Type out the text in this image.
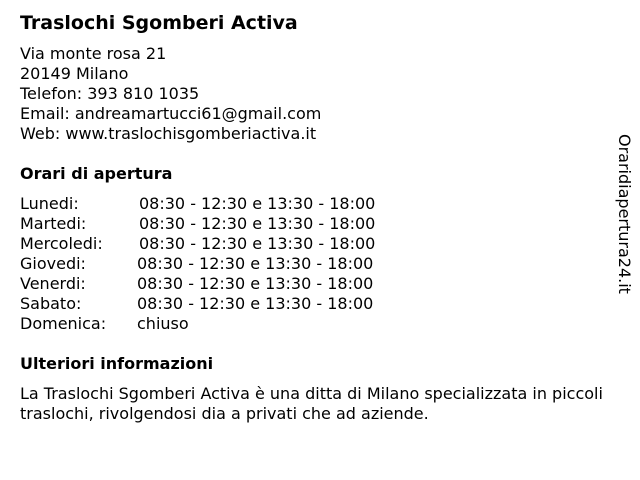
Traslochi Sgomberi Activa
Via monte rosa 21
20149 Milano
Telefon: 393 810 1035
Email: andreamartucci61@gmail.com
Web: www.traslochisgomberiactiva.it
Orari di apertura
Lunedi:	08:30 - 12:30 e 13:30 - 18:00
Martedi:	08:30 - 12:30 e 13:30 - 18:00
Mercoledi: 08:30 - 12:30 e 13:30 - 18:00
Giovedi:	08:30 - 12:30 e 13:30 - 18:00
Venerdi:	08:30 - 12:30 e 13:30 - 18:00
Sabato:	08:30 - 12:30 e 13:30 - 18:00
Domenica: chiuso
Ulteriori informazioni

La Traslochi Sgomberi Activa è una ditta di Milano specializzata in piccoli traslochi, rivolgendosi dia a privati che ad aziende.

Oraridiapertura24.it
